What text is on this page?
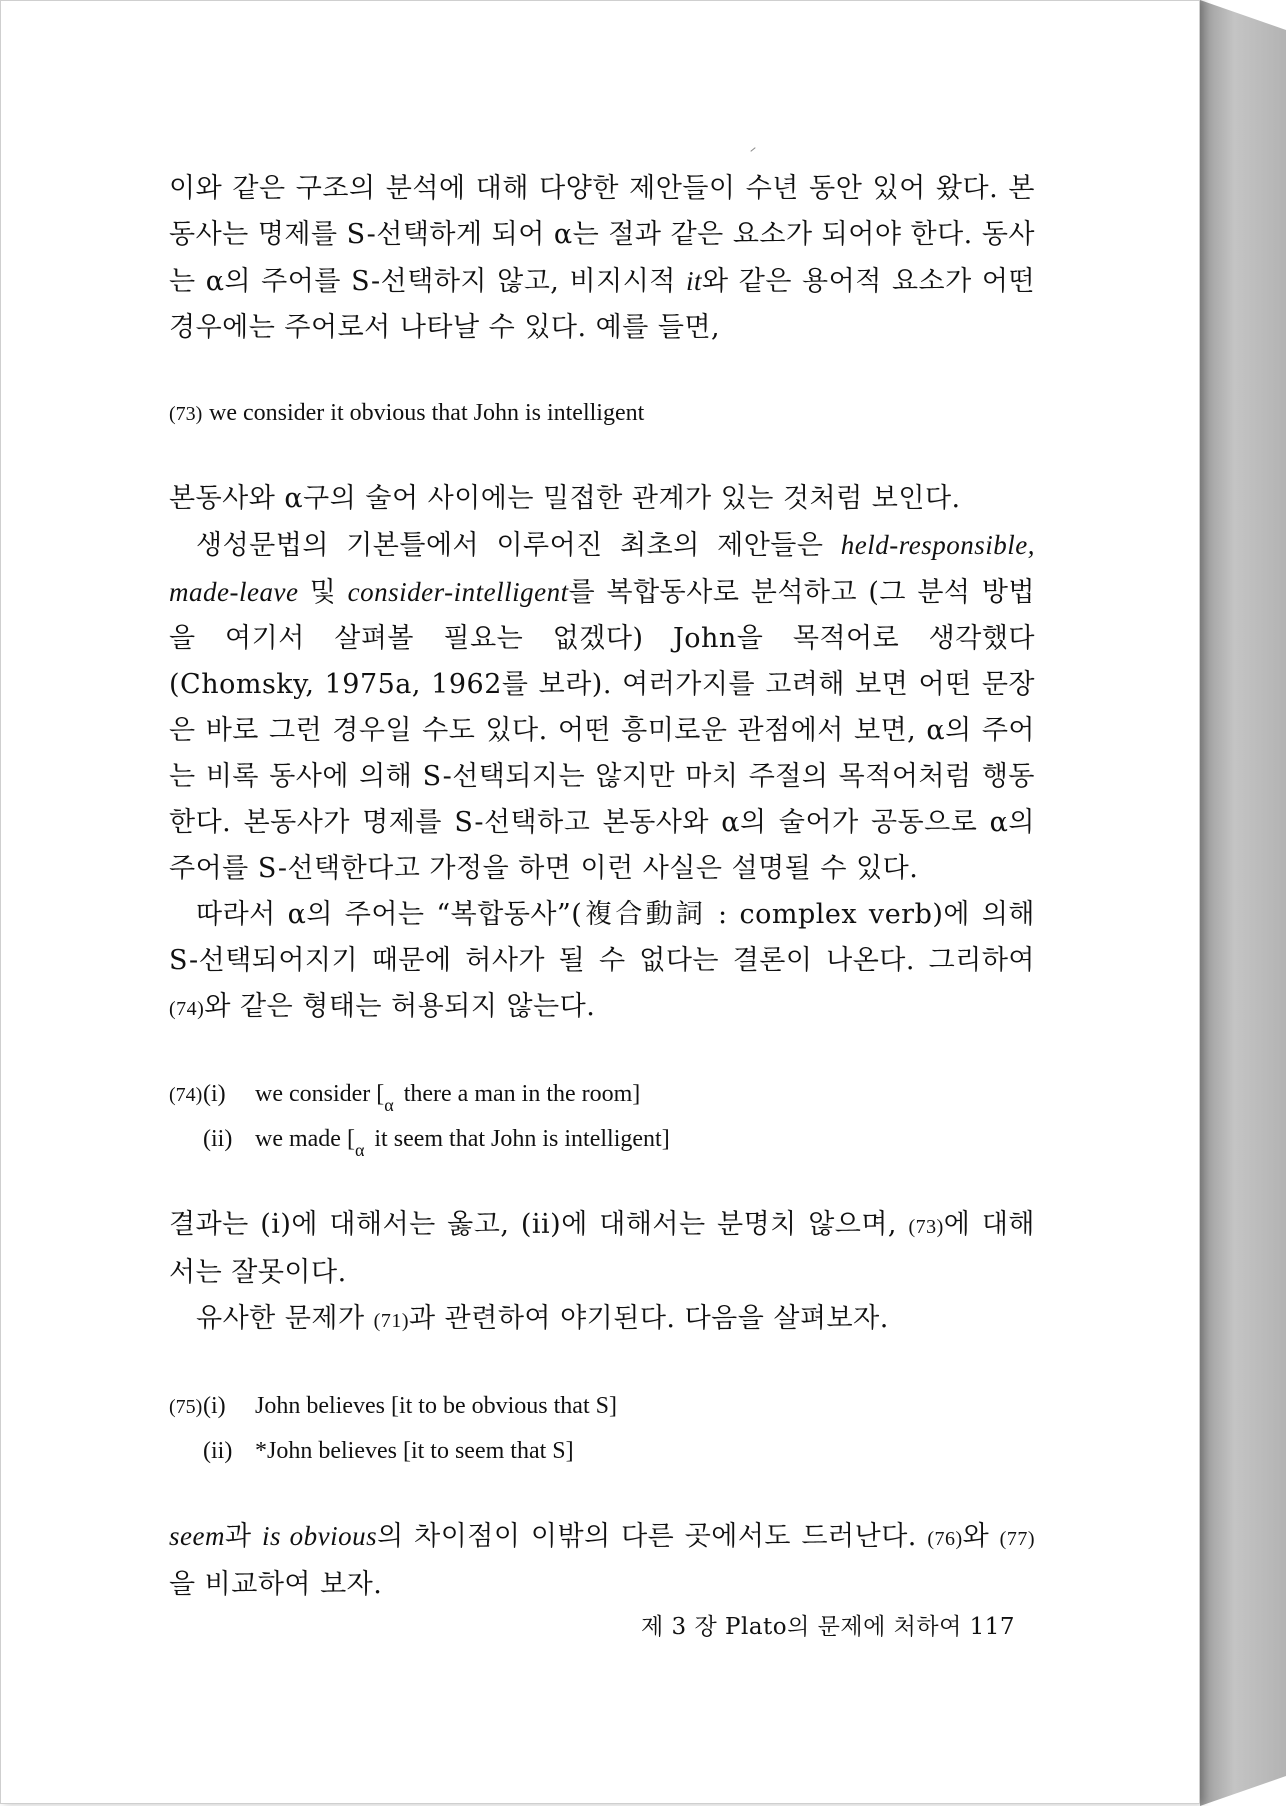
이와 같은 구조의 분석에 대해 다양한 제안들이 수년 동안 있어 왔다. 본동사는 명제를 S-선택하게 되어 α는 절과 같은 요소가 되어야 한다. 동사는 α의 주어를 S-선택하지 않고, 비지시적 it와 같은 용어적 요소가 어떤 경우에는 주어로서 나타날 수 있다. 예를 들면,

(73) we consider it obvious that John is intelligent

본동사와 α구의 술어 사이에는 밀접한 관계가 있는 것처럼 보인다.

생성문법의 기본틀에서 이루어진 최초의 제안들은 held-responsible, made-leave 및 consider-intelligent를 복합동사로 분석하고 (그 분석 방법을 여기서 살펴볼 필요는 없겠다) John을 목적어로 생각했다(Chomsky, 1975a, 1962를 보라). 여러가지를 고려해 보면 어떤 문장은 바로 그런 경우일 수도 있다. 어떤 흥미로운 관점에서 보면, α의 주어는 비록 동사에 의해 S-선택되지는 않지만 마치 주절의 목적어처럼 행동한다. 본동사가 명제를 S-선택하고 본동사와 α의 술어가 공동으로 α의 주어를 S-선택한다고 가정을 하면 이런 사실은 설명될 수 있다.

따라서 α의 주어는 “복합동사”(複合動詞 : complex verb)에 의해 S-선택되어지기 때문에 허사가 될 수 없다는 결론이 나온다. 그리하여 (74)와 같은 형태는 허용되지 않는다.

(74)(i) we consider [$_\alpha$ there a man in the room]

(ii) we made [$_\alpha$ it seem that John is intelligent]

결과는 (i)에 대해서는 옳고, (ii)에 대해서는 분명치 않으며, (73)에 대해서는 잘못이다.

유사한 문제가 (71)과 관련하여 야기된다. 다음을 살펴보자.

(75)(i) John believes [it to be obvious that S]

(ii) *John believes [it to seem that S]

seem과 is obvious의 차이점이 이밖의 다른 곳에서도 드러난다. (76)와 (77)을 비교하여 보자.

제 3 장 Plato의 문제에 처하여 117
